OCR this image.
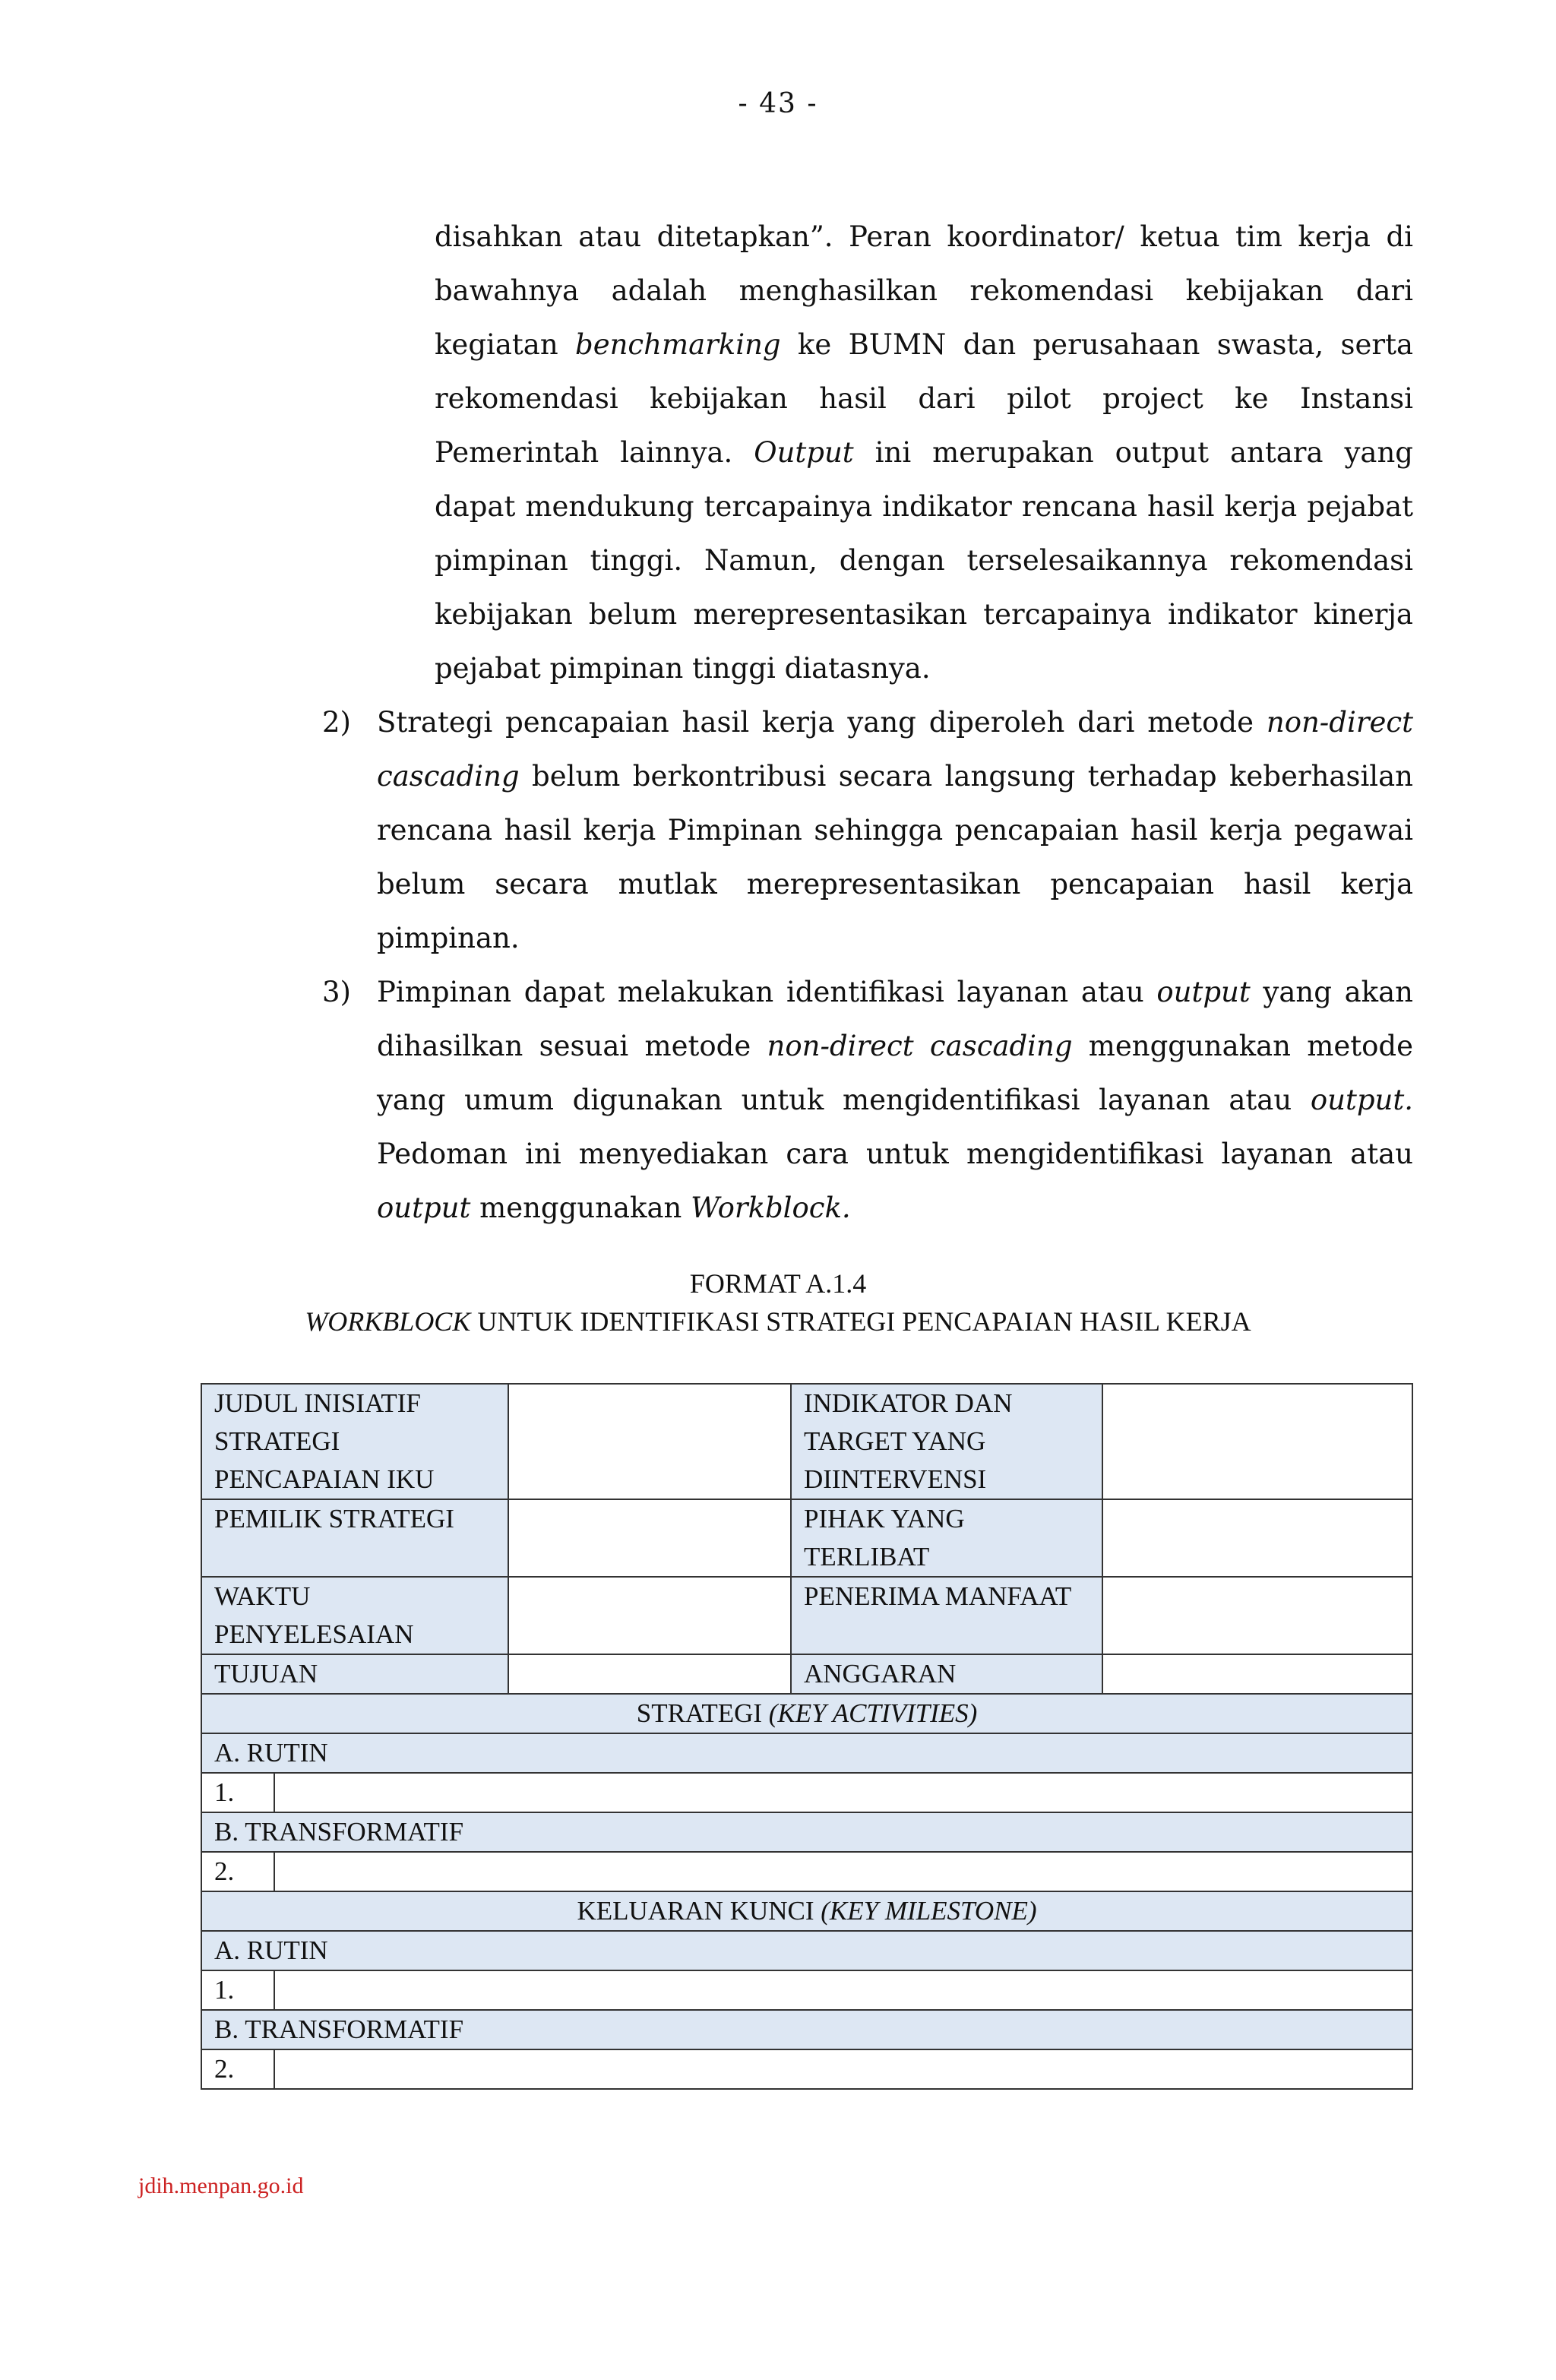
- 43 -

disahkan atau ditetapkan”. Peran koordinator/ ketua tim kerja di bawahnya adalah menghasilkan rekomendasi kebijakan dari kegiatan benchmarking ke BUMN dan perusahaan swasta, serta rekomendasi kebijakan hasil dari pilot project ke Instansi Pemerintah lainnya. Output ini merupakan output antara yang dapat mendukung tercapainya indikator rencana hasil kerja pejabat pimpinan tinggi. Namun, dengan terselesaikannya rekomendasi kebijakan belum merepresentasikan tercapainya indikator kinerja pejabat pimpinan tinggi diatasnya.

2) Strategi pencapaian hasil kerja yang diperoleh dari metode non-direct cascading belum berkontribusi secara langsung terhadap keberhasilan rencana hasil kerja Pimpinan sehingga pencapaian hasil kerja pegawai belum secara mutlak merepresentasikan pencapaian hasil kerja pimpinan.

3) Pimpinan dapat melakukan identifikasi layanan atau output yang akan dihasilkan sesuai metode non-direct cascading menggunakan metode yang umum digunakan untuk mengidentifikasi layanan atau output. Pedoman ini menyediakan cara untuk mengidentifikasi layanan atau output menggunakan Workblock.

FORMAT A.1.4
WORKBLOCK UNTUK IDENTIFIKASI STRATEGI PENCAPAIAN HASIL KERJA
JUDUL INISIATIF STRATEGI PENCAPAIAN IKU			INDIKATOR DAN TARGET YANG DIINTERVENSI	
PEMILIK STRATEGI			PIHAK YANG TERLIBAT	
WAKTU PENYELESAIAN			PENERIMA MANFAAT	
TUJUAN			ANGGARAN	
STRATEGI (KEY ACTIVITIES)				
A. RUTIN				
1.				
B. TRANSFORMATIF				
2.				
KELUARAN KUNCI (KEY MILESTONE)				
A. RUTIN				
1.				
B. TRANSFORMATIF				
2.				
jdih.menpan.go.id
